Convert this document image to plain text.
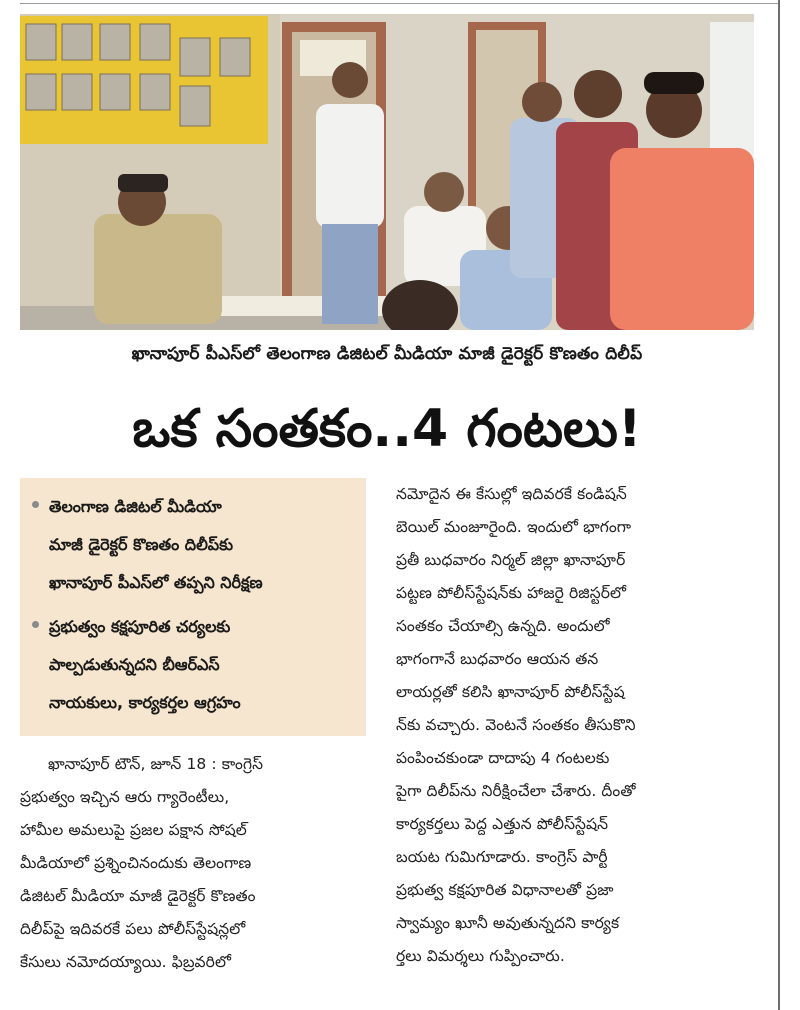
ఖానాపూర్ పీఎస్‌లో తెలంగాణ డిజిటల్ మీడియా మాజీ డైరెక్టర్ కొణతం దిలీప్
ఒక సంతకం..4 గంటలు!
తెలంగాణ డిజిటల్ మీడియా
మాజీ డైరెక్టర్ కొణతం దిలీప్‌కు
ఖానాపూర్ పీఎస్‌లో తప్పని నిరీక్షణ
ప్రభుత్వం కక్షపూరిత చర్యలకు
పాల్పడుతున్నదని బీఆర్ఎస్
నాయకులు, కార్యకర్తల ఆగ్రహం
ఖానాపూర్ టౌన్, జూన్ 18 : కాంగ్రెస్
ప్రభుత్వం ఇచ్చిన ఆరు గ్యారెంటీలు,
హామీల అమలుపై ప్రజల పక్షాన సోషల్
మీడియాలో ప్రశ్నించినందుకు తెలంగాణ
డిజిటల్ మీడియా మాజీ డైరెక్టర్ కొణతం
దిలీప్‌పై ఇదివరకే పలు పోలీస్‌స్టేషన్లలో
కేసులు నమోదయ్యాయి. ఫిబ్రవరిలో
నమోదైన ఈ కేసుల్లో ఇదివరకే కండిషన్
బెయిల్ మంజూరైంది. ఇందులో భాగంగా
ప్రతీ బుధవారం నిర్మల్ జిల్లా ఖానాపూర్
పట్టణ పోలీస్‌స్టేషన్‌కు హాజరై రిజిస్టర్‌లో
సంతకం చేయాల్సి ఉన్నది. అందులో
భాగంగానే బుధవారం ఆయన తన
లాయర్లతో కలిసి ఖానాపూర్ పోలీస్‌స్టేష
న్‌కు వచ్చారు. వెంటనే సంతకం తీసుకొని
పంపించకుండా దాదాపు 4 గంటలకు
పైగా దిలీప్‌ను నిరీక్షించేలా చేశారు. దీంతో
కార్యకర్తలు పెద్ద ఎత్తున పోలీస్‌స్టేషన్
బయట గుమిగూడారు. కాంగ్రెస్ పార్టీ
ప్రభుత్వ కక్షపూరిత విధానాలతో ప్రజా
స్వామ్యం ఖూనీ అవుతున్నదని కార్యక
ర్తలు విమర్శలు గుప్పించారు.
